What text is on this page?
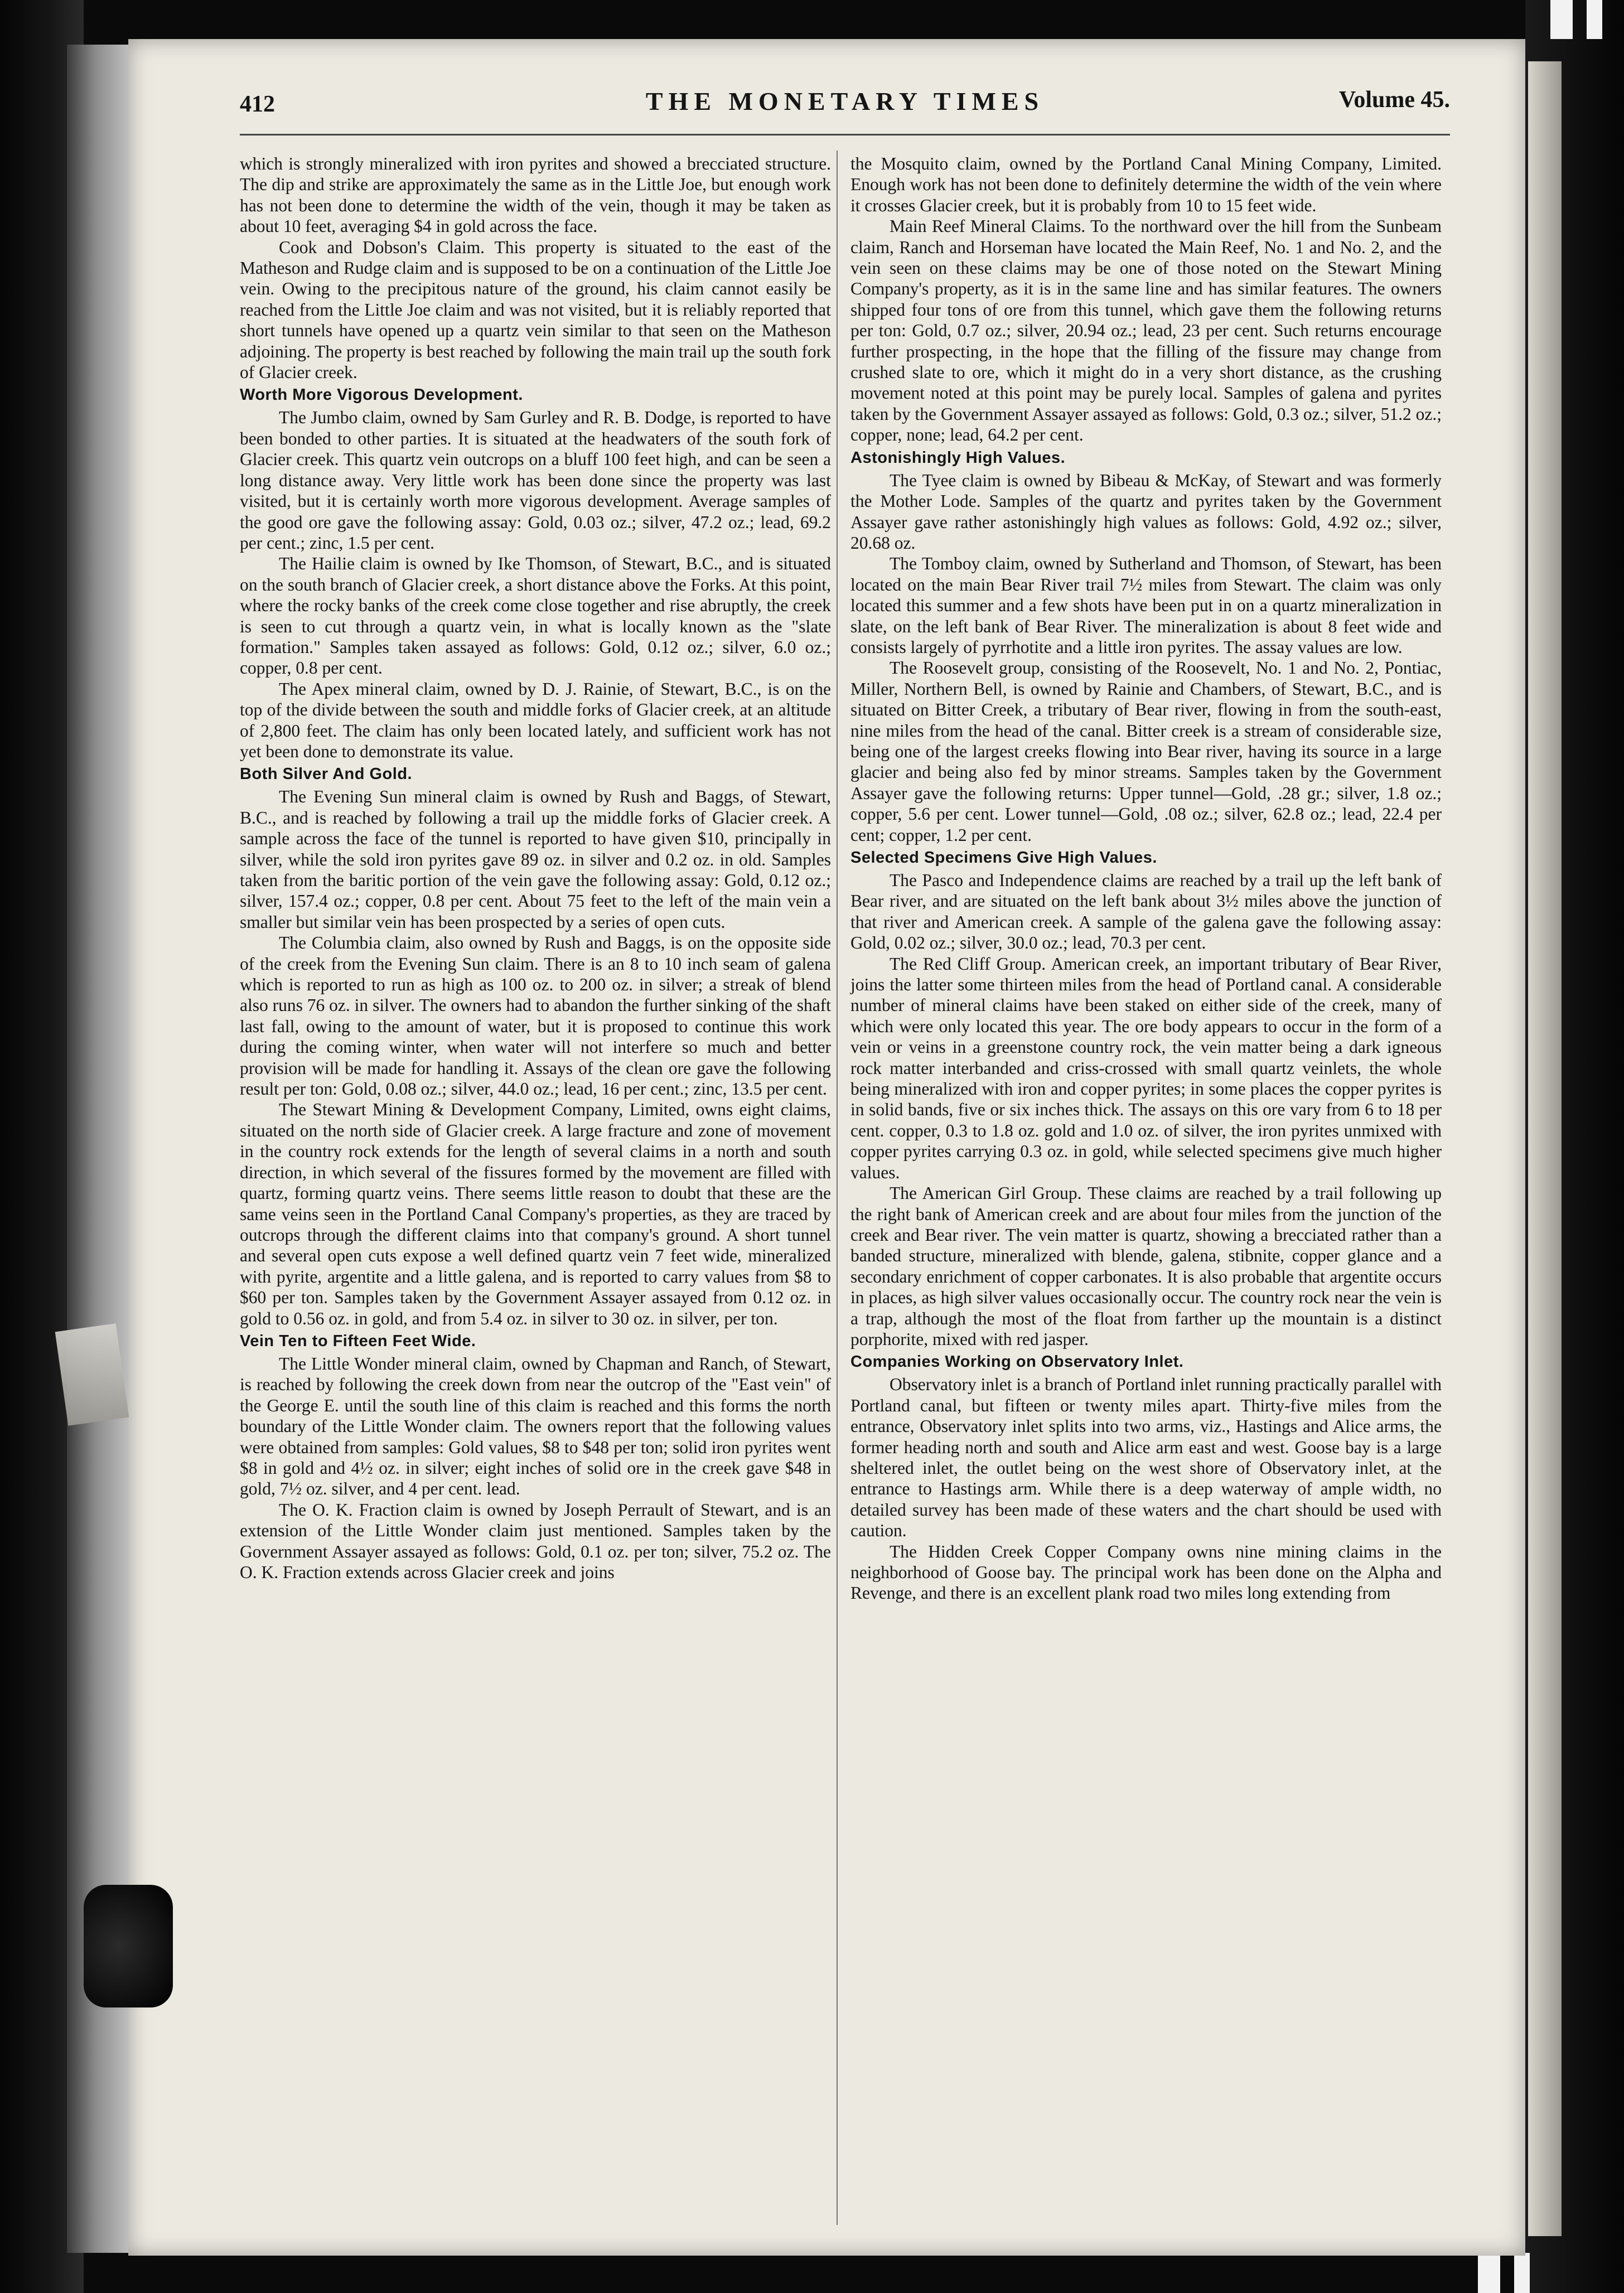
412	THE MONETARY TIMES	Volume 45.

which is strongly mineralized with iron pyrites and showed a brecciated structure. The dip and strike are approximately the same as in the Little Joe, but enough work has not been done to determine the width of the vein, though it may be taken as about 10 feet, averaging $4 in gold across the face.

Cook and Dobson's Claim. This property is situated to the east of the Matheson and Rudge claim and is supposed to be on a continuation of the Little Joe vein. Owing to the precipitous nature of the ground, his claim cannot easily be reached from the Little Joe claim and was not visited, but it is reliably reported that short tunnels have opened up a quartz vein similar to that seen on the Matheson adjoining. The property is best reached by following the main trail up the south fork of Glacier creek.

Worth More Vigorous Development.

The Jumbo claim, owned by Sam Gurley and R. B. Dodge, is reported to have been bonded to other parties. It is situated at the headwaters of the south fork of Glacier creek. This quartz vein outcrops on a bluff 100 feet high, and can be seen a long distance away. Very little work has been done since the property was last visited, but it is certainly worth more vigorous development. Average samples of the good ore gave the following assay: Gold, 0.03 oz.; silver, 47.2 oz.; lead, 69.2 per cent.; zinc, 1.5 per cent.

The Hailie claim is owned by Ike Thomson, of Stewart, B.C., and is situated on the south branch of Glacier creek, a short distance above the Forks. At this point, where the rocky banks of the creek come close together and rise abruptly, the creek is seen to cut through a quartz vein, in what is locally known as the "slate formation." Samples taken assayed as follows: Gold, 0.12 oz.; silver, 6.0 oz.; copper, 0.8 per cent.

The Apex mineral claim, owned by D. J. Rainie, of Stewart, B.C., is on the top of the divide between the south and middle forks of Glacier creek, at an altitude of 2,800 feet. The claim has only been located lately, and sufficient work has not yet been done to demonstrate its value.

Both Silver And Gold.

The Evening Sun mineral claim is owned by Rush and Baggs, of Stewart, B.C., and is reached by following a trail up the middle forks of Glacier creek. A sample across the face of the tunnel is reported to have given $10, principally in silver, while the sold iron pyrites gave 89 oz. in silver and 0.2 oz. in old. Samples taken from the baritic portion of the vein gave the following assay: Gold, 0.12 oz.; silver, 157.4 oz.; copper, 0.8 per cent. About 75 feet to the left of the main vein a smaller but similar vein has been prospected by a series of open cuts.

The Columbia claim, also owned by Rush and Baggs, is on the opposite side of the creek from the Evening Sun claim. There is an 8 to 10 inch seam of galena which is reported to run as high as 100 oz. to 200 oz. in silver; a streak of blend also runs 76 oz. in silver. The owners had to abandon the further sinking of the shaft last fall, owing to the amount of water, but it is proposed to continue this work during the coming winter, when water will not interfere so much and better provision will be made for handling it. Assays of the clean ore gave the following result per ton: Gold, 0.08 oz.; silver, 44.0 oz.; lead, 16 per cent.; zinc, 13.5 per cent.

The Stewart Mining & Development Company, Limited, owns eight claims, situated on the north side of Glacier creek. A large fracture and zone of movement in the country rock extends for the length of several claims in a north and south direction, in which several of the fissures formed by the movement are filled with quartz, forming quartz veins. There seems little reason to doubt that these are the same veins seen in the Portland Canal Company's properties, as they are traced by outcrops through the different claims into that company's ground. A short tunnel and several open cuts expose a well defined quartz vein 7 feet wide, mineralized with pyrite, argentite and a little galena, and is reported to carry values from $8 to $60 per ton. Samples taken by the Government Assayer assayed from 0.12 oz. in gold to 0.56 oz. in gold, and from 5.4 oz. in silver to 30 oz. in silver, per ton.

Vein Ten to Fifteen Feet Wide.

The Little Wonder mineral claim, owned by Chapman and Ranch, of Stewart, is reached by following the creek down from near the outcrop of the "East vein" of the George E. until the south line of this claim is reached and this forms the north boundary of the Little Wonder claim. The owners report that the following values were obtained from samples: Gold values, $8 to $48 per ton; solid iron pyrites went $8 in gold and 4½ oz. in silver; eight inches of solid ore in the creek gave $48 in gold, 7½ oz. silver, and 4 per cent. lead.

The O. K. Fraction claim is owned by Joseph Perrault of Stewart, and is an extension of the Little Wonder claim just mentioned. Samples taken by the Government Assayer assayed as follows: Gold, 0.1 oz. per ton; silver, 75.2 oz. The O. K. Fraction extends across Glacier creek and joins

the Mosquito claim, owned by the Portland Canal Mining Company, Limited. Enough work has not been done to definitely determine the width of the vein where it crosses Glacier creek, but it is probably from 10 to 15 feet wide.

Main Reef Mineral Claims. To the northward over the hill from the Sunbeam claim, Ranch and Horseman have located the Main Reef, No. 1 and No. 2, and the vein seen on these claims may be one of those noted on the Stewart Mining Company's property, as it is in the same line and has similar features. The owners shipped four tons of ore from this tunnel, which gave them the following returns per ton: Gold, 0.7 oz.; silver, 20.94 oz.; lead, 23 per cent. Such returns encourage further prospecting, in the hope that the filling of the fissure may change from crushed slate to ore, which it might do in a very short distance, as the crushing movement noted at this point may be purely local. Samples of galena and pyrites taken by the Government Assayer assayed as follows: Gold, 0.3 oz.; silver, 51.2 oz.; copper, none; lead, 64.2 per cent.

Astonishingly High Values.

The Tyee claim is owned by Bibeau & McKay, of Stewart and was formerly the Mother Lode. Samples of the quartz and pyrites taken by the Government Assayer gave rather astonishingly high values as follows: Gold, 4.92 oz.; silver, 20.68 oz.

The Tomboy claim, owned by Sutherland and Thomson, of Stewart, has been located on the main Bear River trail 7½ miles from Stewart. The claim was only located this summer and a few shots have been put in on a quartz mineralization in slate, on the left bank of Bear River. The mineralization is about 8 feet wide and consists largely of pyrrhotite and a little iron pyrites. The assay values are low.

The Roosevelt group, consisting of the Roosevelt, No. 1 and No. 2, Pontiac, Miller, Northern Bell, is owned by Rainie and Chambers, of Stewart, B.C., and is situated on Bitter Creek, a tributary of Bear river, flowing in from the south-east, nine miles from the head of the canal. Bitter creek is a stream of considerable size, being one of the largest creeks flowing into Bear river, having its source in a large glacier and being also fed by minor streams. Samples taken by the Government Assayer gave the following returns: Upper tunnel—Gold, .28 gr.; silver, 1.8 oz.; copper, 5.6 per cent. Lower tunnel—Gold, .08 oz.; silver, 62.8 oz.; lead, 22.4 per cent; copper, 1.2 per cent.

Selected Specimens Give High Values.

The Pasco and Independence claims are reached by a trail up the left bank of Bear river, and are situated on the left bank about 3½ miles above the junction of that river and American creek. A sample of the galena gave the following assay: Gold, 0.02 oz.; silver, 30.0 oz.; lead, 70.3 per cent.

The Red Cliff Group. American creek, an important tributary of Bear River, joins the latter some thirteen miles from the head of Portland canal. A considerable number of mineral claims have been staked on either side of the creek, many of which were only located this year. The ore body appears to occur in the form of a vein or veins in a greenstone country rock, the vein matter being a dark igneous rock matter interbanded and criss-crossed with small quartz veinlets, the whole being mineralized with iron and copper pyrites; in some places the copper pyrites is in solid bands, five or six inches thick. The assays on this ore vary from 6 to 18 per cent. copper, 0.3 to 1.8 oz. gold and 1.0 oz. of silver, the iron pyrites unmixed with copper pyrites carrying 0.3 oz. in gold, while selected specimens give much higher values.

The American Girl Group. These claims are reached by a trail following up the right bank of American creek and are about four miles from the junction of the creek and Bear river. The vein matter is quartz, showing a brecciated rather than a banded structure, mineralized with blende, galena, stibnite, copper glance and a secondary enrichment of copper carbonates. It is also probable that argentite occurs in places, as high silver values occasionally occur. The country rock near the vein is a trap, although the most of the float from farther up the mountain is a distinct porphorite, mixed with red jasper.

Companies Working on Observatory Inlet.

Observatory inlet is a branch of Portland inlet running practically parallel with Portland canal, but fifteen or twenty miles apart. Thirty-five miles from the entrance, Observatory inlet splits into two arms, viz., Hastings and Alice arms, the former heading north and south and Alice arm east and west. Goose bay is a large sheltered inlet, the outlet being on the west shore of Observatory inlet, at the entrance to Hastings arm. While there is a deep waterway of ample width, no detailed survey has been made of these waters and the chart should be used with caution.

The Hidden Creek Copper Company owns nine mining claims in the neighborhood of Goose bay. The principal work has been done on the Alpha and Revenge, and there is an excellent plank road two miles long extending from
